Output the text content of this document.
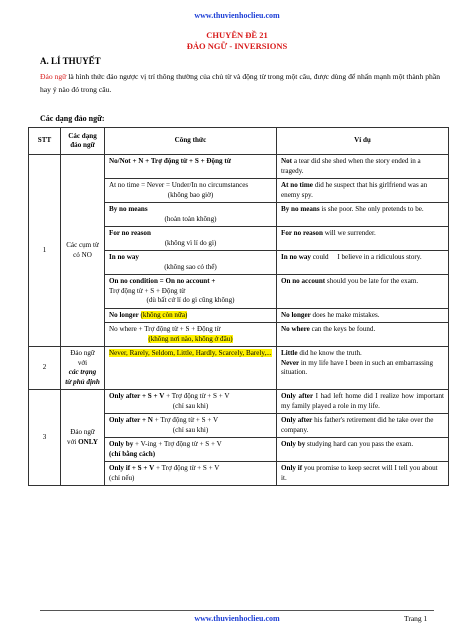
www.thuvienhoclieu.com
CHUYÊN ĐỀ 21
ĐẢO NGỮ - INVERSIONS
A. LÍ THUYẾT
Đảo ngữ là hình thức đảo ngược vị trí thông thường của chủ từ và động từ trong một câu, được dùng để nhấn mạnh một thành phần hay ý nào đó trong câu.
Các dạng đảo ngữ:
STT	Các dạng đảo ngữ	Công thức	Ví dụ
1	Các cụm từ có NO	No/Not + N + Trợ động từ + S + Động từ	Not a tear did she shed when the story ended in a tragedy.
		At no time = Never = Under/In no circumstances
(không bao giờ)	At no time did he suspect that his girlfriend was an enemy spy.
		By no means
(hoàn toàn không)	By no means is she poor. She only pretends to be.
		For no reason
(không vì lí do gì)	For no reason will we surrender.
		In no way
(không sao có thể)	In no way could     I believe in a ridiculous story.
		On no condition = On no account +
Trợ động từ + S + Động từ
(dù bất cứ lí do gì cũng không)	On no account should you be late for the exam.
		No longer (không còn nữa)	No longer does he make mistakes.
		No where + Trợ động từ + S + Động từ
(không nơi nào, không ở đâu)	No where can the keys be found.
2	Đảo ngữ với
các trạng từ phủ định	Never, Rarely, Seldom, Little, Hardly, Scarcely, Barely,...	Little did he know the truth.
Never in my life have I been in such an embarrassing situation.
3	Đảo ngữ
với ONLY	Only after + S + V + Trợ động từ + S + V
(chỉ sau khi)	Only after I had left home did I realize how important my family played a role in my life.
		Only after + N + Trợ động từ + S + V
(chỉ sau khi)	Only after his father's retirement did he take over the company.
		Only by + V-ing + Trợ động từ + S + V
(chỉ bằng cách)	Only by studying hard can you pass the exam.
		Only if + S + V + Trợ động từ + S + V
(chỉ nếu)	Only if you promise to keep secret will I tell you about it.
www.thuvienhoclieu.com	Trang 1
